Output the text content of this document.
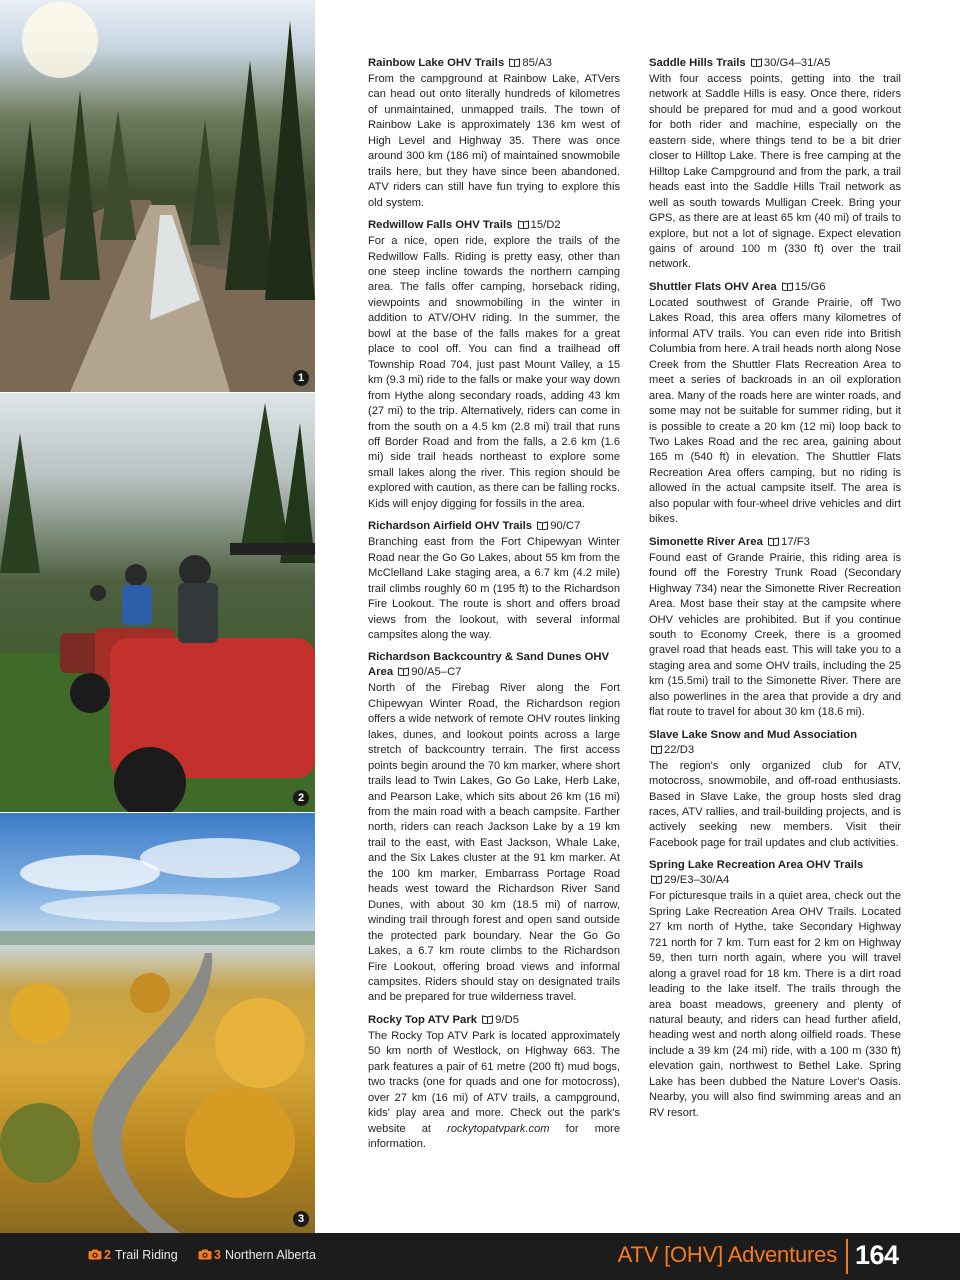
1
2
3
Rainbow Lake OHV Trails 85/A3

From the campground at Rainbow Lake, ATVers can head out onto literally hundreds of kilometres of unmaintained, unmapped trails. The town of Rainbow Lake is approximately 136 km west of High Level and Highway 35. There was once around 300 km (186 mi) of maintained snowmobile trails here, but they have since been abandoned. ATV riders can still have fun trying to explore this old system.

Redwillow Falls OHV Trails 15/D2

For a nice, open ride, explore the trails of the Redwillow Falls. Riding is pretty easy, other than one steep incline towards the northern camping area. The falls offer camping, horseback riding, viewpoints and snowmobiling in the winter in addition to ATV/OHV riding. In the summer, the bowl at the base of the falls makes for a great place to cool off. You can find a trailhead off Township Road 704, just past Mount Valley, a 15 km (9.3 mi) ride to the falls or make your way down from Hythe along secondary roads, adding 43 km (27 mi) to the trip. Alternatively, riders can come in from the south on a 4.5 km (2.8 mi) trail that runs off Border Road and from the falls, a 2.6 km (1.6 mi) side trail heads northeast to explore some small lakes along the river. This region should be explored with caution, as there can be falling rocks. Kids will enjoy digging for fossils in the area.

Richardson Airfield OHV Trails 90/C7

Branching east from the Fort Chipewyan Winter Road near the Go Go Lakes, about 55 km from the McClelland Lake staging area, a 6.7 km (4.2 mile) trail climbs roughly 60 m (195 ft) to the Richardson Fire Lookout. The route is short and offers broad views from the lookout, with several informal campsites along the way.

Richardson Backcountry & Sand Dunes OHV Area 90/A5–C7

North of the Firebag River along the Fort Chipewyan Winter Road, the Richardson region offers a wide network of remote OHV routes linking lakes, dunes, and lookout points across a large stretch of backcountry terrain. The first access points begin around the 70 km marker, where short trails lead to Twin Lakes, Go Go Lake, Herb Lake, and Pearson Lake, which sits about 26 km (16 mi) from the main road with a beach campsite. Farther north, riders can reach Jackson Lake by a 19 km trail to the east, with East Jackson, Whale Lake, and the Six Lakes cluster at the 91 km marker. At the 100 km marker, Embarrass Portage Road heads west toward the Richardson River Sand Dunes, with about 30 km (18.5 mi) of narrow, winding trail through forest and open sand outside the protected park boundary. Near the Go Go Lakes, a 6.7 km route climbs to the Richardson Fire Lookout, offering broad views and informal campsites. Riders should stay on designated trails and be prepared for true wilderness travel.

Rocky Top ATV Park 9/D5

The Rocky Top ATV Park is located approximately 50 km north of Westlock, on Highway 663. The park features a pair of 61 metre (200 ft) mud bogs, two tracks (one for quads and one for motocross), over 27 km (16 mi) of ATV trails, a campground, kids' play area and more. Check out the park's website at rockytopatvpark.com for more information.

Saddle Hills Trails 30/G4–31/A5

With four access points, getting into the trail network at Saddle Hills is easy. Once there, riders should be prepared for mud and a good workout for both rider and machine, especially on the eastern side, where things tend to be a bit drier closer to Hilltop Lake. There is free camping at the Hilltop Lake Campground and from the park, a trail heads east into the Saddle Hills Trail network as well as south towards Mulligan Creek. Bring your GPS, as there are at least 65 km (40 mi) of trails to explore, but not a lot of signage. Expect elevation gains of around 100 m (330 ft) over the trail network.

Shuttler Flats OHV Area 15/G6

Located southwest of Grande Prairie, off Two Lakes Road, this area offers many kilometres of informal ATV trails. You can even ride into British Columbia from here. A trail heads north along Nose Creek from the Shuttler Flats Recreation Area to meet a series of backroads in an oil exploration area. Many of the roads here are winter roads, and some may not be suitable for summer riding, but it is possible to create a 20 km (12 mi) loop back to Two Lakes Road and the rec area, gaining about 165 m (540 ft) in elevation. The Shuttler Flats Recreation Area offers camping, but no riding is allowed in the actual campsite itself. The area is also popular with four-wheel drive vehicles and dirt bikes.

Simonette River Area 17/F3

Found east of Grande Prairie, this riding area is found off the Forestry Trunk Road (Secondary Highway 734) near the Simonette River Recreation Area. Most base their stay at the campsite where OHV vehicles are prohibited. But if you continue south to Economy Creek, there is a groomed gravel road that heads east. This will take you to a staging area and some OHV trails, including the 25 km (15.5mi) trail to the Simonette River. There are also powerlines in the area that provide a dry and flat route to travel for about 30 km (18.6 mi).

Slave Lake Snow and Mud Association
22/D3

The region's only organized club for ATV, motocross, snowmobile, and off-road enthusiasts. Based in Slave Lake, the group hosts sled drag races, ATV rallies, and trail-building projects, and is actively seeking new members. Visit their Facebook page for trail updates and club activities.

Spring Lake Recreation Area OHV Trails
29/E3–30/A4

For picturesque trails in a quiet area, check out the Spring Lake Recreation Area OHV Trails. Located 27 km north of Hythe, take Secondary Highway 721 north for 7 km. Turn east for 2 km on Highway 59, then turn north again, where you will travel along a gravel road for 18 km. There is a dirt road leading to the lake itself. The trails through the area boast meadows, greenery and plenty of natural beauty, and riders can head further afield, heading west and north along oilfield roads. These include a 39 km (24 mi) ride, with a 100 m (330 ft) elevation gain, northwest to Bethel Lake. Spring Lake has been dubbed the Nature Lover's Oasis. Nearby, you will also find swimming areas and an RV resort.

2 Trail Riding	3 Northern Alberta	ATV [OHV] Adventures 164
